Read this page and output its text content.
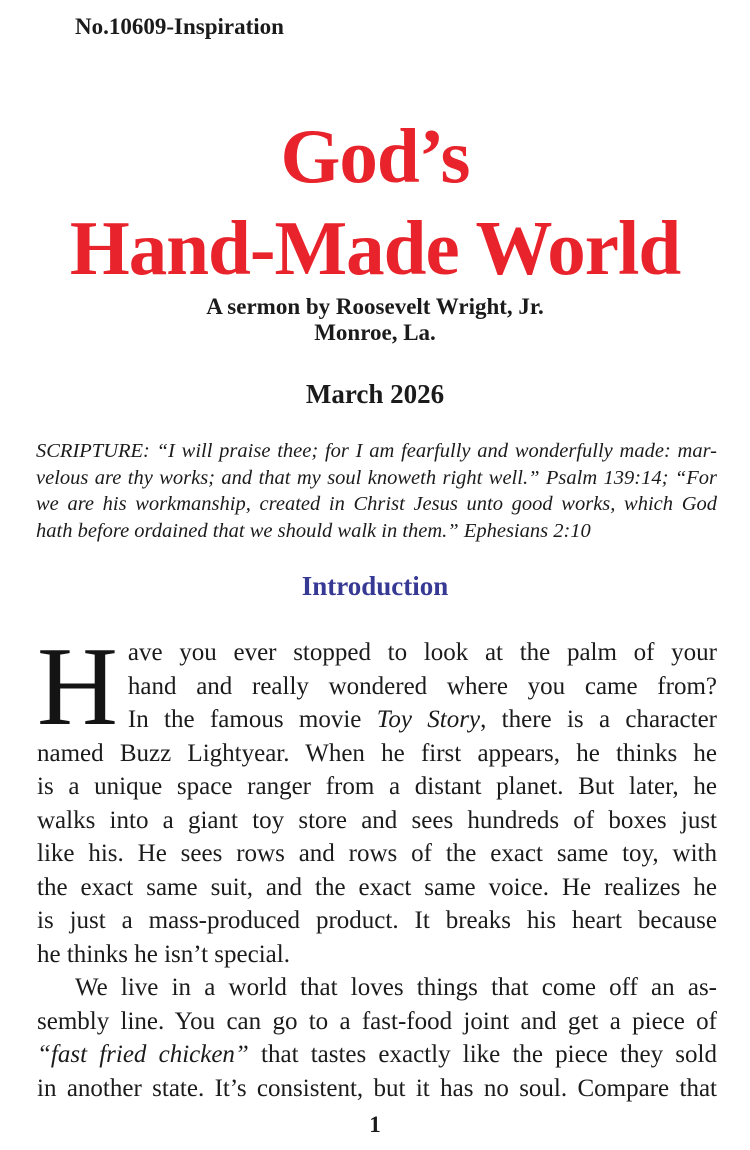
No.10609-Inspiration
God’s
Hand-Made World
A sermon by Roosevelt Wright, Jr.
Monroe, La.
March 2026
SCRIPTURE: “I will praise thee; for I am fearfully and wonderfully made: mar-
velous are thy works; and that my soul knoweth right well.” Psalm 139:14; “For
we are his workmanship, created in Christ Jesus unto good works, which God
hath before ordained that we should walk in them.” Ephesians 2:10
Introduction
H ave you ever stopped to look at the palm of your
hand and really wondered where you came from?
In the famous movie Toy Story, there is a character
named Buzz Lightyear. When he first appears, he thinks he
is a unique space ranger from a distant planet. But later, he
walks into a giant toy store and sees hundreds of boxes just
like his. He sees rows and rows of the exact same toy, with
the exact same suit, and the exact same voice. He realizes he
is just a mass-produced product. It breaks his heart because
he thinks he isn’t special.
We live in a world that loves things that come off an as-
sembly line. You can go to a fast-food joint and get a piece of
“fast fried chicken” that tastes exactly like the piece they sold
in another state. It’s consistent, but it has no soul. Compare that
1
